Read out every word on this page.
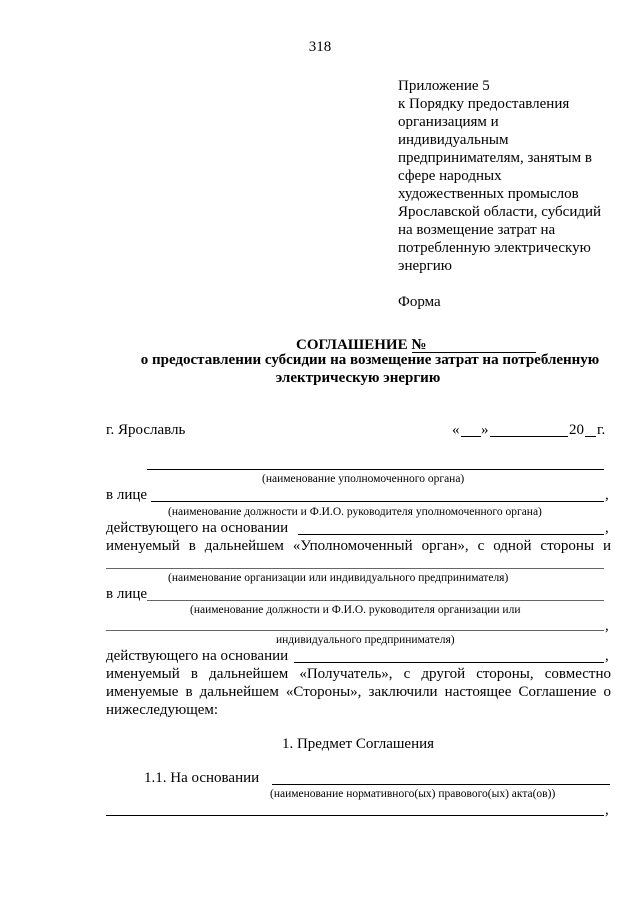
318
Приложение 5
к Порядку предоставления
организациям и
индивидуальным
предпринимателям, занятым в
сфере народных
художественных промыслов
Ярославской области, субсидий
на возмещение затрат на
потребленную электрическую
энергию
Форма
СОГЛАШЕНИЕ №
о предоставлении субсидии на возмещение затрат на потребленную
электрическую энергию
г. Ярославль	« »	20 г.
(наименование уполномоченного органа)
в лице	,
(наименование должности и Ф.И.О. руководителя уполномоченного органа)
действующего на основании	,
именуемый в дальнейшем «Уполномоченный орган», с одной стороны и
(наименование организации или индивидуального предпринимателя)
в лице
(наименование должности и Ф.И.О. руководителя организации или
,
индивидуального предпринимателя)
действующего на основании	,
именуемый в дальнейшем «Получатель», с другой стороны, совместно
именуемые в дальнейшем «Стороны», заключили настоящее Соглашение о
нижеследующем:
1. Предмет Соглашения
1.1. На основании
(наименование нормативного(ых) правового(ых) акта(ов))
,
